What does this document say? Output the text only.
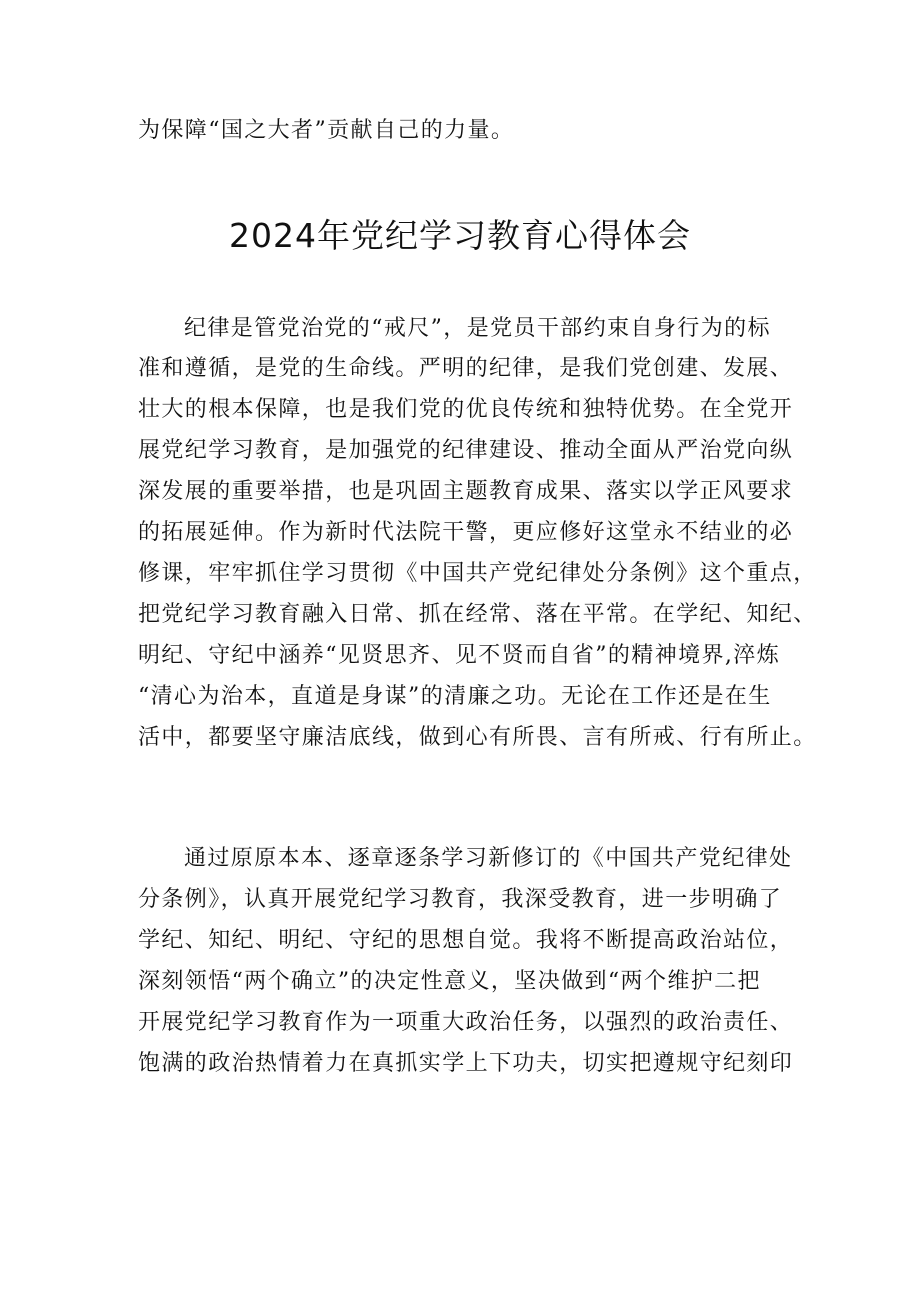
为保障“国之大者”贡献自己的力量。
2024年党纪学习教育心得体会
纪律是管党治党的“戒尺”，是党员干部约束自身行为的标
准和遵循，是党的生命线。严明的纪律，是我们党创建、发展、
壮大的根本保障，也是我们党的优良传统和独特优势。在全党开
展党纪学习教育，是加强党的纪律建设、推动全面从严治党向纵
深发展的重要举措，也是巩固主题教育成果、落实以学正风要求
的拓展延伸。作为新时代法院干警，更应修好这堂永不结业的必
修课，牢牢抓住学习贯彻《中国共产党纪律处分条例》这个重点，
把党纪学习教育融入日常、抓在经常、落在平常。在学纪、知纪、
明纪、守纪中涵养“见贤思齐、见不贤而自省”的精神境界,淬炼
“清心为治本，直道是身谋”的清廉之功。无论在工作还是在生
活中，都要坚守廉洁底线，做到心有所畏、言有所戒、行有所止。
通过原原本本、逐章逐条学习新修订的《中国共产党纪律处
分条例》，认真开展党纪学习教育，我深受教育，进一步明确了
学纪、知纪、明纪、守纪的思想自觉。我将不断提高政治站位，
深刻领悟“两个确立”的决定性意义，坚决做到“两个维护二把
开展党纪学习教育作为一项重大政治任务，以强烈的政治责任、
饱满的政治热情着力在真抓实学上下功夫，切实把遵规守纪刻印
